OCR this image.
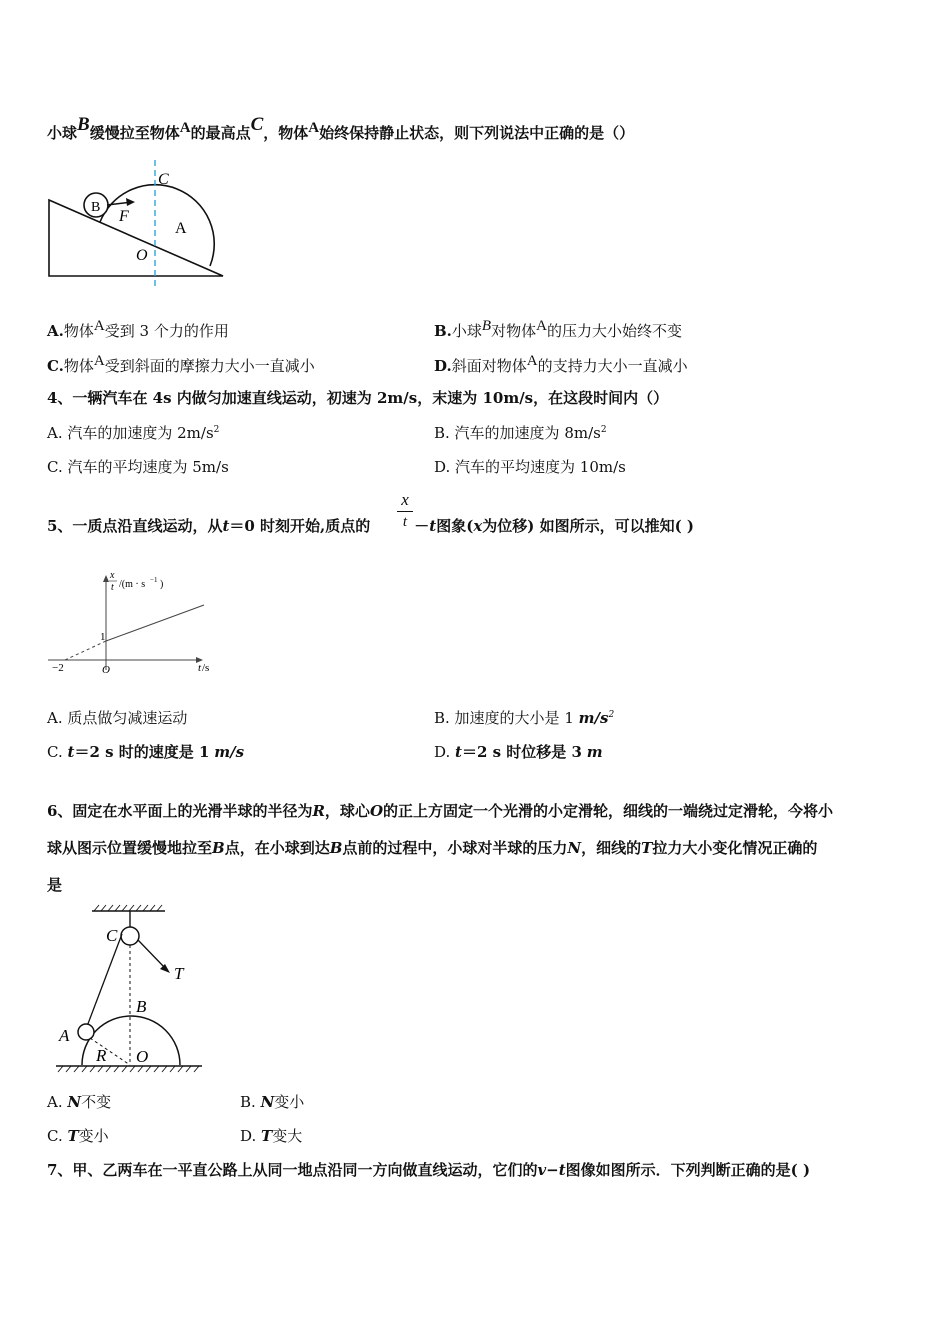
小球B缓慢拉至物体A的最高点C，物体A始终保持静止状态，则下列说法中正确的是（）
B
F
C
A
O
A.物体A受到 3 个力的作用	B.小球B对物体A的压力大小始终不变
C.物体A受到斜面的摩擦力大小一直减小	D.斜面对物体A的支持力大小一直减小
4、一辆汽车在 4s 内做匀加速直线运动，初速为 2m/s，末速为 10m/s，在这段时间内（）
A. 汽车的加速度为 $2m/s^2$	B. 汽车的加速度为 $8m/s^2$
C. 汽车的平均速度为 5m/s	D. 汽车的平均速度为 10m/s
5、一质点沿直线运动，从t＝0 时刻开始,质点的	－t图象(x为位移) 如图所示，可以推知( )
x
t
x
t /(m · s −1 )
1
−2	O	t /s
A. 质点做匀减速运动	B. 加速度的大小是 1 $m/s^2$
C. t＝2 s 时的速度是 1 m/s	D. t＝2 s 时位移是 3 m
6、固定在水平面上的光滑半球的半径为R，球心O的正上方固定一个光滑的小定滑轮，细线的一端绕过定滑轮，今将小
球从图示位置缓慢地拉至B点，在小球到达B点前的过程中，小球对半球的压力N，细线的T拉力大小变化情况正确的
是
C
T
B
A
R O
A. N不变	B. N变小
C. T变小	D. T变大
7、甲、乙两车在一平直公路上从同一地点沿同一方向做直线运动，它们的v−t图像如图所示．下列判断正确的是( )
